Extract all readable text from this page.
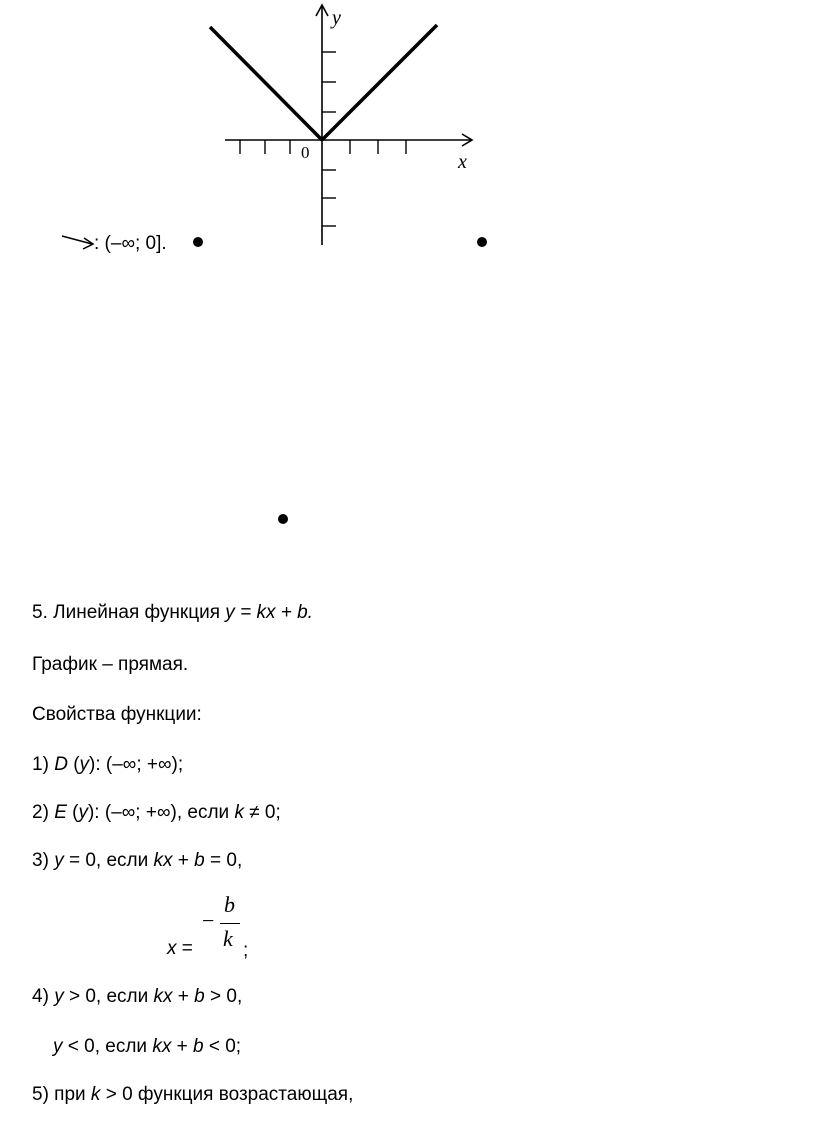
y
x
0
: (–∞; 0].
5. Линейная функция y = kx + b.
График – прямая.
Свойства функции:
1) D (y): (–∞; +∞);
2) E (y): (–∞; +∞), если k ≠ 0;
3) y = 0, если kx + b = 0,
x =
−
b
k ;
4) y > 0, если kx + b > 0,
y < 0, если kx + b < 0;
5) при k > 0 функция возрастающая,
